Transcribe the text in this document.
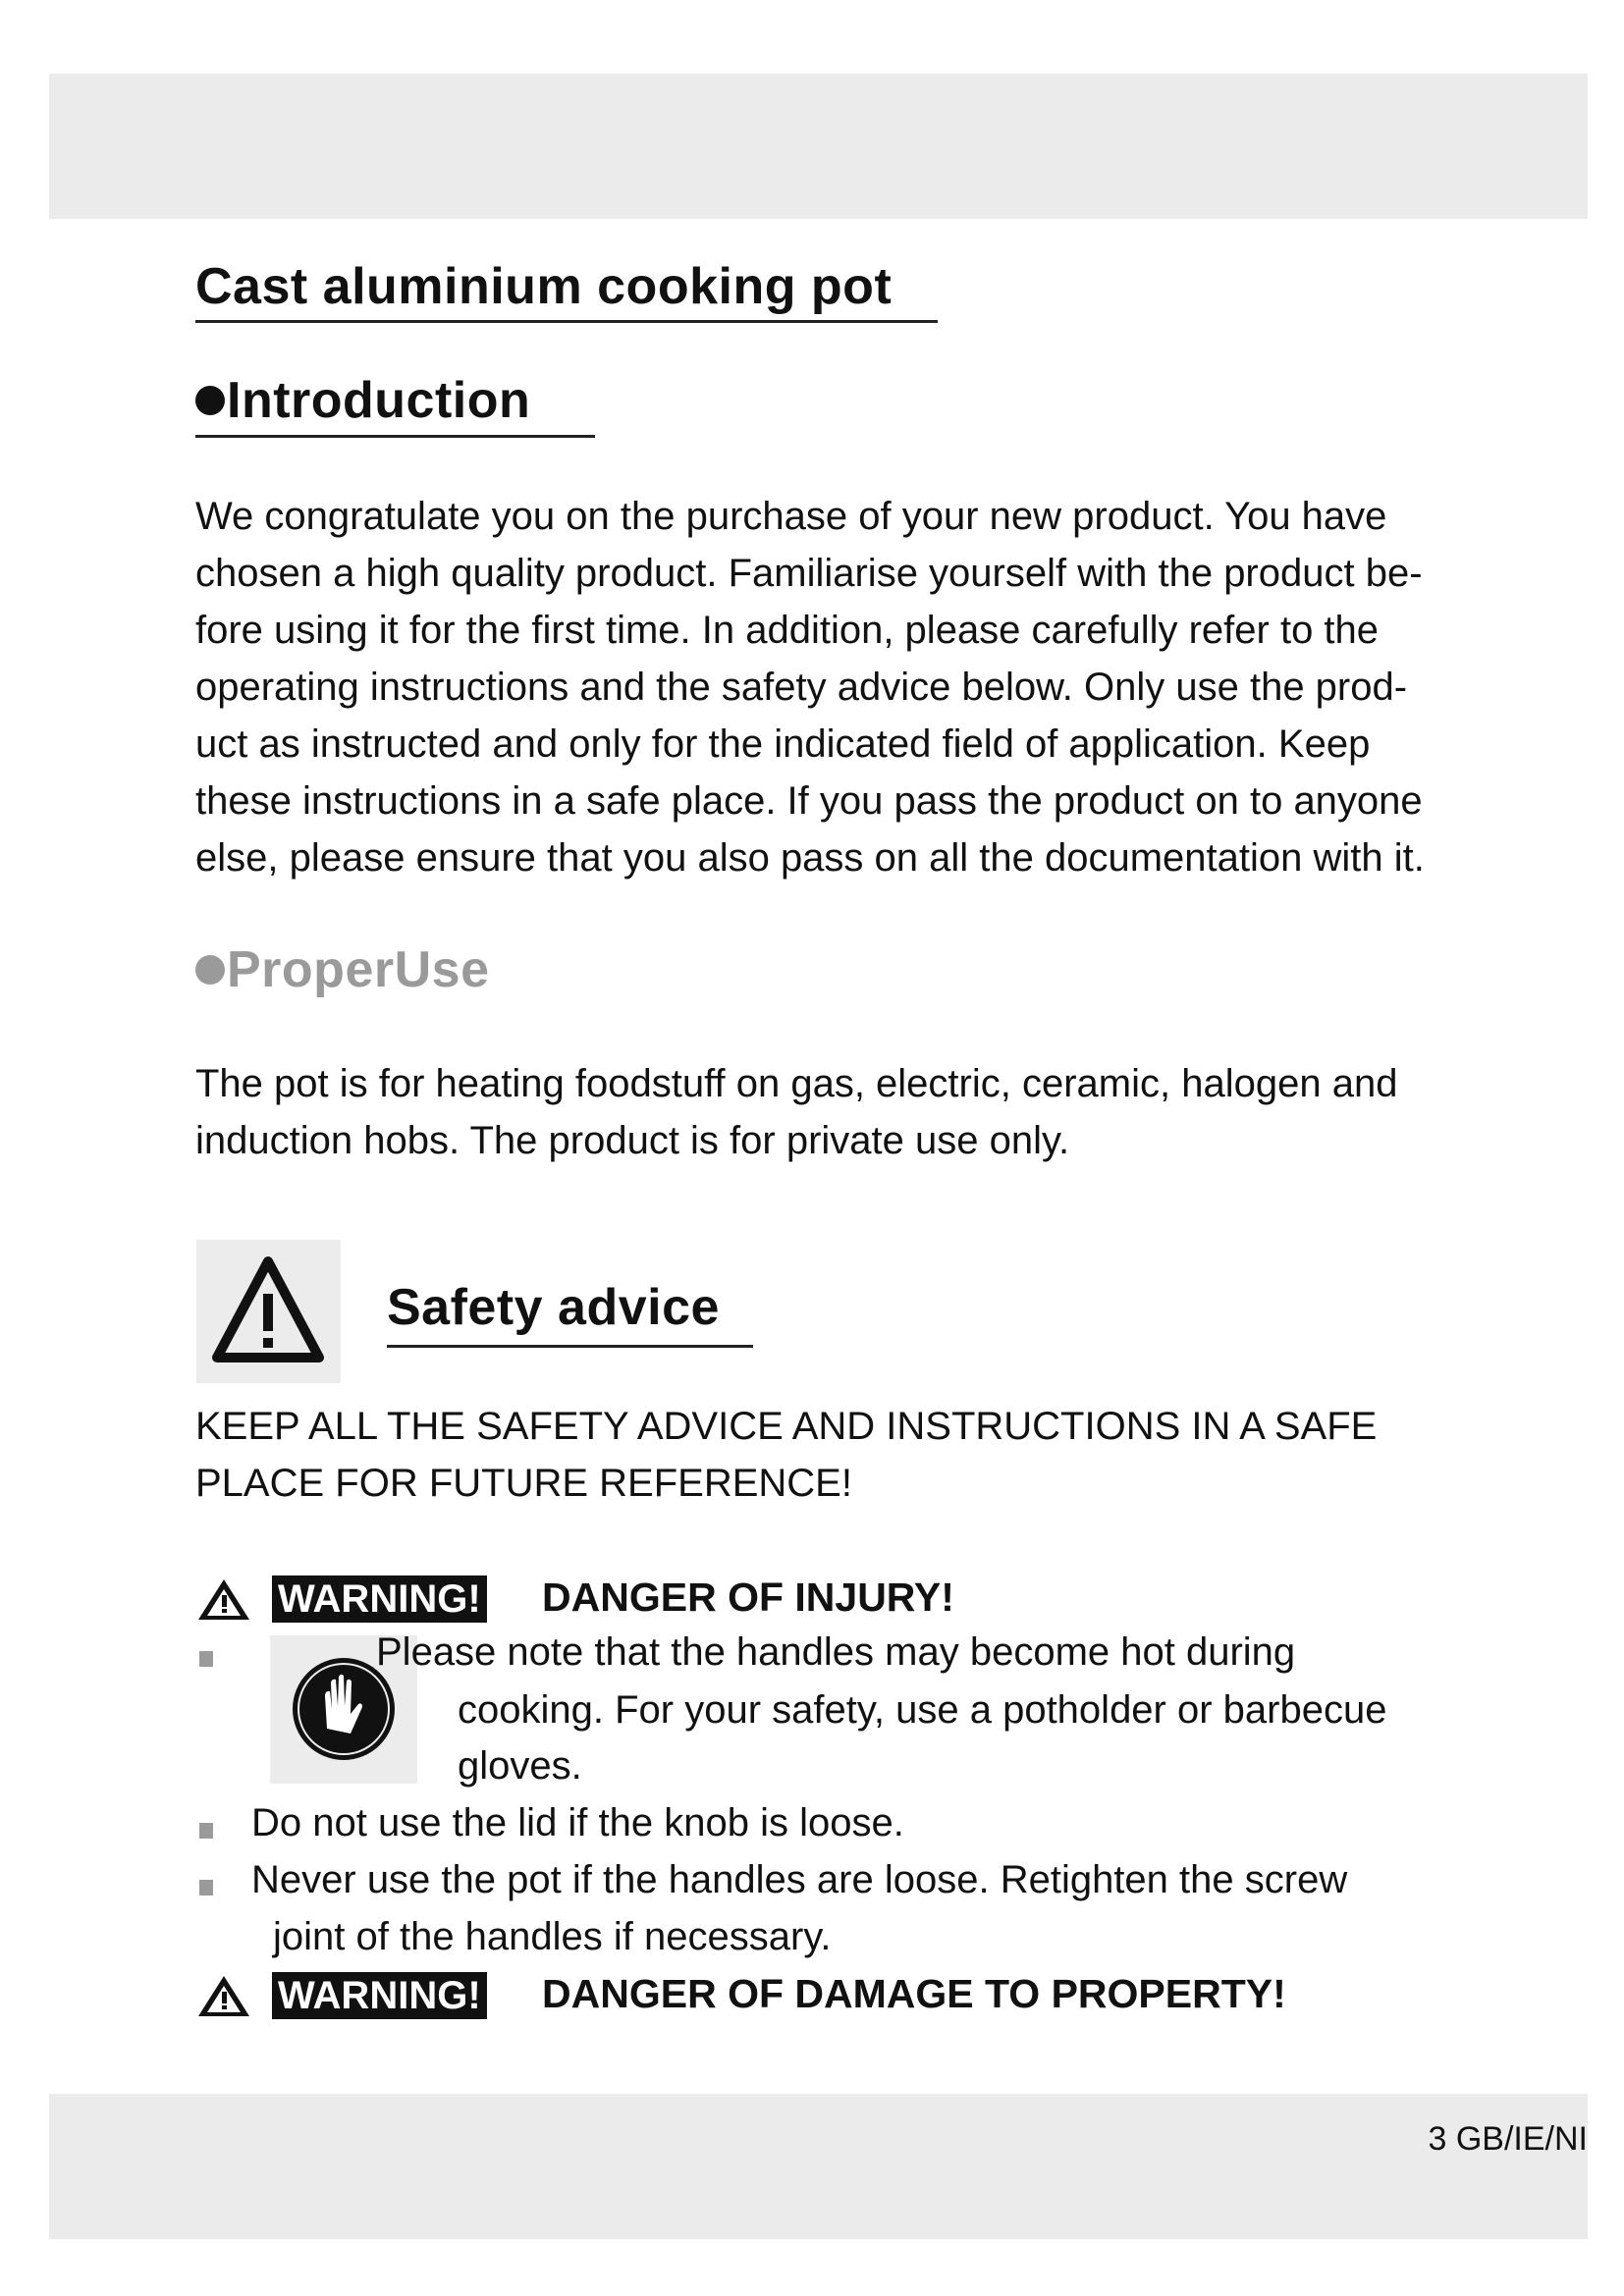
Cast aluminium cooking pot
Introduction
We congratulate you on the purchase of your new product. You have
chosen a high quality product. Familiarise yourself with the product be-
fore using it for the first time. In addition, please carefully refer to the
operating instructions and the safety advice below. Only use the prod-
uct as instructed and only for the indicated field of application. Keep
these instructions in a safe place. If you pass the product on to anyone
else, please ensure that you also pass on all the documentation with it.
ProperUse
The pot is for heating foodstuff on gas, electric, ceramic, halogen and
induction hobs. The product is for private use only.
Safety advice
KEEP ALL THE SAFETY ADVICE AND INSTRUCTIONS IN A SAFE
PLACE FOR FUTURE REFERENCE!
WARNING! DANGER OF INJURY!
Please note that the handles may become hot during
cooking. For your safety, use a potholder or barbecue
gloves.
Do not use the lid if the knob is loose.
Never use the pot if the handles are loose. Retighten the screw
joint of the handles if necessary.
WARNING! DANGER OF DAMAGE TO PROPERTY!
3 GB/IE/NI
